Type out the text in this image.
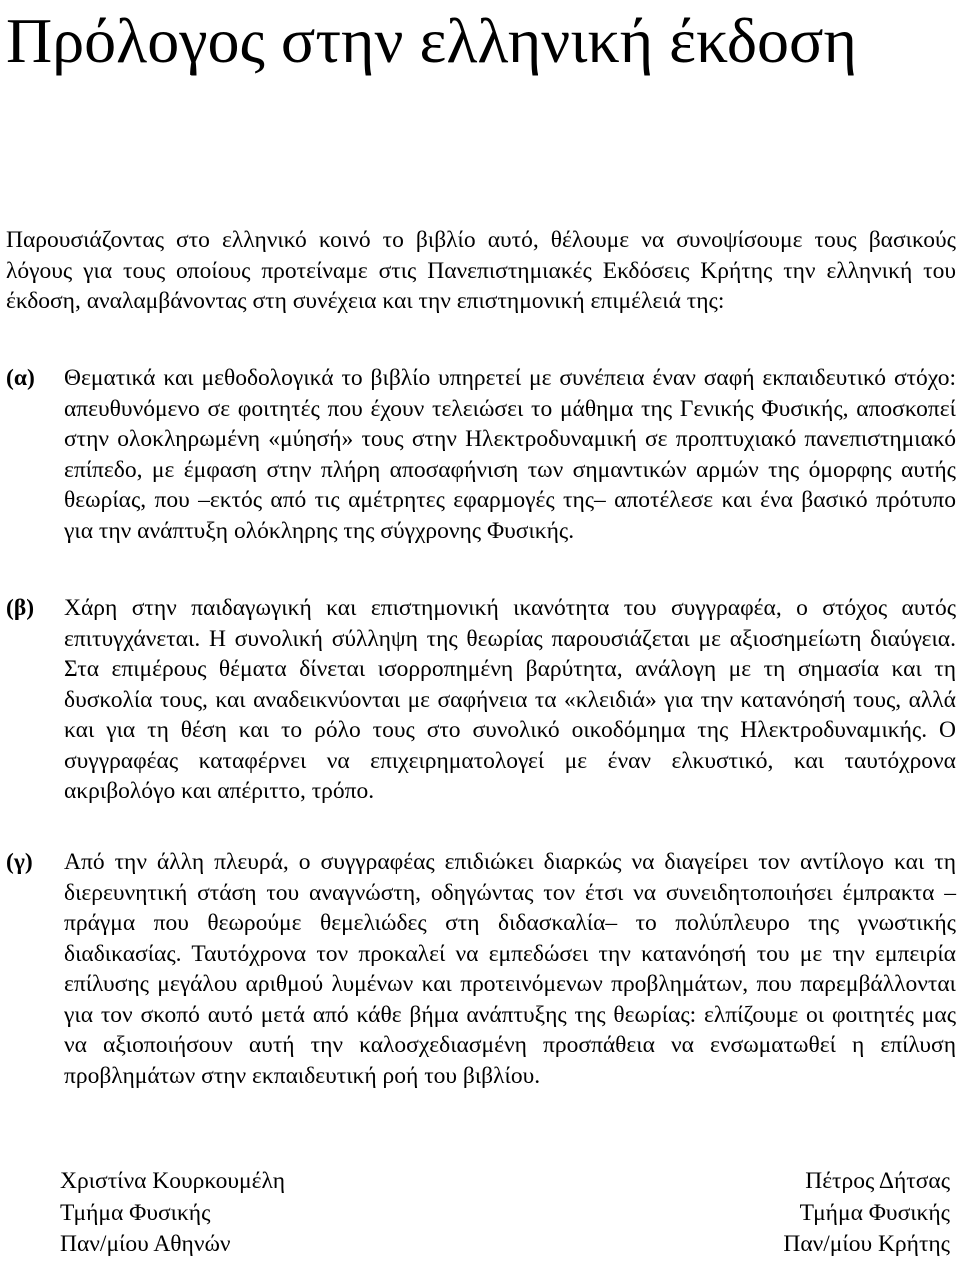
Πρόλογος στην ελληνική έκδοση

Παρουσιάζοντας στο ελληνικό κοινό το βιβλίο αυτό, θέλουμε να συνοψίσουμε τους βασικούς λόγους για τους οποίους προτείναμε στις Πανεπιστημιακές Εκδόσεις Κρήτης την ελληνική του έκδοση, αναλαμβάνοντας στη συνέχεια και την επιστημονική επιμέλειά της:

(α) Θεματικά και μεθοδολογικά το βιβλίο υπηρετεί με συνέπεια έναν σαφή εκπαιδευτικό στόχο: απευθυνόμενο σε φοιτητές που έχουν τελειώσει το μάθημα της Γενικής Φυσικής, αποσκοπεί στην ολοκληρωμένη «μύησή» τους στην Ηλεκτροδυναμική σε προπτυχιακό πανεπιστημιακό επίπεδο, με έμφαση στην πλήρη αποσαφήνιση των σημαντικών αρμών της όμορφης αυτής θεωρίας, που –εκτός από τις αμέτρητες εφαρμογές της– αποτέλεσε και ένα βασικό πρότυπο για την ανάπτυξη ολόκληρης της σύγχρονης Φυσικής.

(β) Χάρη στην παιδαγωγική και επιστημονική ικανότητα του συγγραφέα, ο στόχος αυτός επιτυγχάνεται. Η συνολική σύλληψη της θεωρίας παρουσιάζεται με αξιοσημείωτη διαύγεια. Στα επιμέρους θέματα δίνεται ισορροπημένη βαρύτητα, ανάλογη με τη σημασία και τη δυσκολία τους, και αναδεικνύονται με σαφήνεια τα «κλειδιά» για την κατανόησή τους, αλλά και για τη θέση και το ρόλο τους στο συνολικό οικοδόμημα της Ηλεκτροδυναμικής. Ο συγγραφέας καταφέρνει να επιχειρηματολογεί με έναν ελκυστικό, και ταυτόχρονα ακριβολόγο και απέριττο, τρόπο.

(γ) Από την άλλη πλευρά, ο συγγραφέας επιδιώκει διαρκώς να διαγείρει τον αντίλογο και τη διερευνητική στάση του αναγνώστη, οδηγώντας τον έτσι να συνειδητοποιήσει έμπρακτα –πράγμα που θεωρούμε θεμελιώδες στη διδασκαλία– το πολύπλευρο της γνωστικής διαδικασίας. Ταυτόχρονα τον προκαλεί να εμπεδώσει την κατανόησή του με την εμπειρία επίλυσης μεγάλου αριθμού λυμένων και προτεινόμενων προβλημάτων, που παρεμβάλλονται για τον σκοπό αυτό μετά από κάθε βήμα ανάπτυξης της θεωρίας: ελπίζουμε οι φοιτητές μας να αξιοποιήσουν αυτή την καλοσχεδιασμένη προσπάθεια να ενσωματωθεί η επίλυση προβλημάτων στην εκπαιδευτική ροή του βιβλίου.

Χριστίνα Κουρκουμέλη
Τμήμα Φυσικής
Παν/μίου Αθηνών
Πέτρος Δήτσας
Τμήμα Φυσικής
Παν/μίου Κρήτης
